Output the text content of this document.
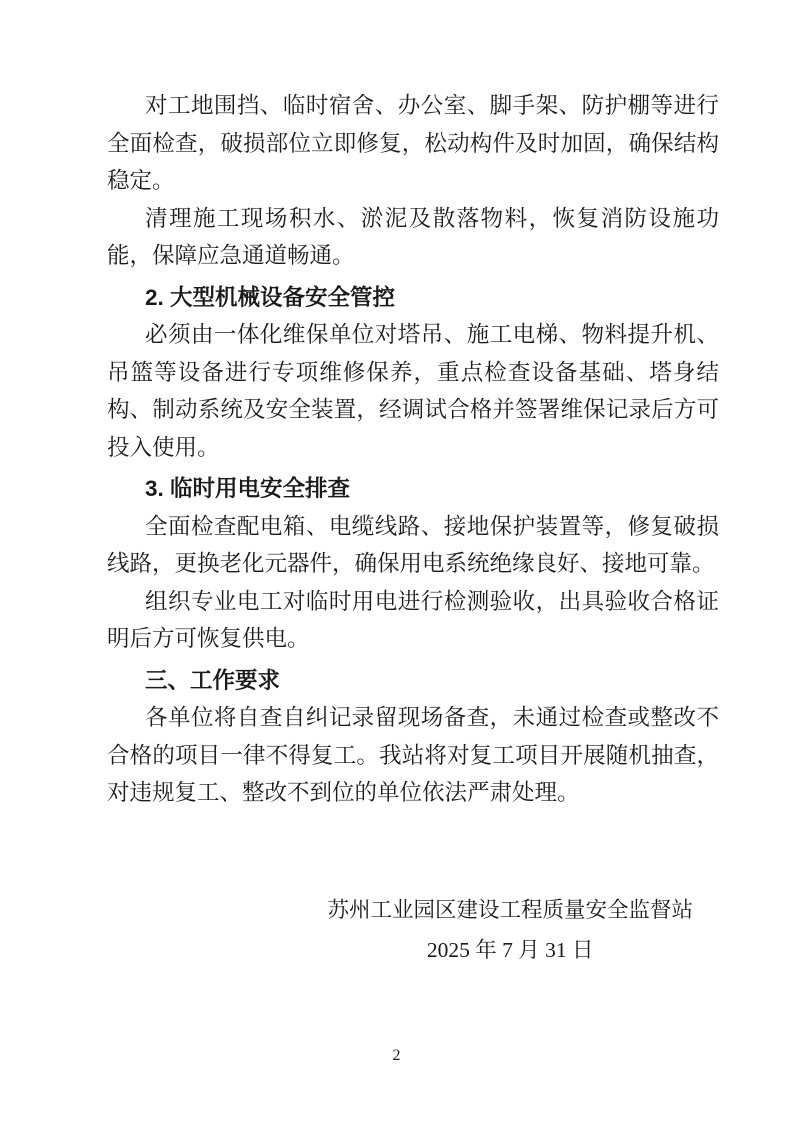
对工地围挡、临时宿舍、办公室、脚手架、防护棚等进行全面检查，破损部位立即修复，松动构件及时加固，确保结构稳定。

清理施工现场积水、淤泥及散落物料，恢复消防设施功能，保障应急通道畅通。

2. 大型机械设备安全管控

必须由一体化维保单位对塔吊、施工电梯、物料提升机、吊篮等设备进行专项维修保养，重点检查设备基础、塔身结构、制动系统及安全装置，经调试合格并签署维保记录后方可投入使用。

3. 临时用电安全排查

全面检查配电箱、电缆线路、接地保护装置等，修复破损线路，更换老化元器件，确保用电系统绝缘良好、接地可靠。

组织专业电工对临时用电进行检测验收，出具验收合格证明后方可恢复供电。

三、工作要求

各单位将自查自纠记录留现场备查，未通过检查或整改不合格的项目一律不得复工。我站将对复工项目开展随机抽查，对违规复工、整改不到位的单位依法严肃处理。

苏州工业园区建设工程质量安全监督站
2025 年 7 月 31 日
2
